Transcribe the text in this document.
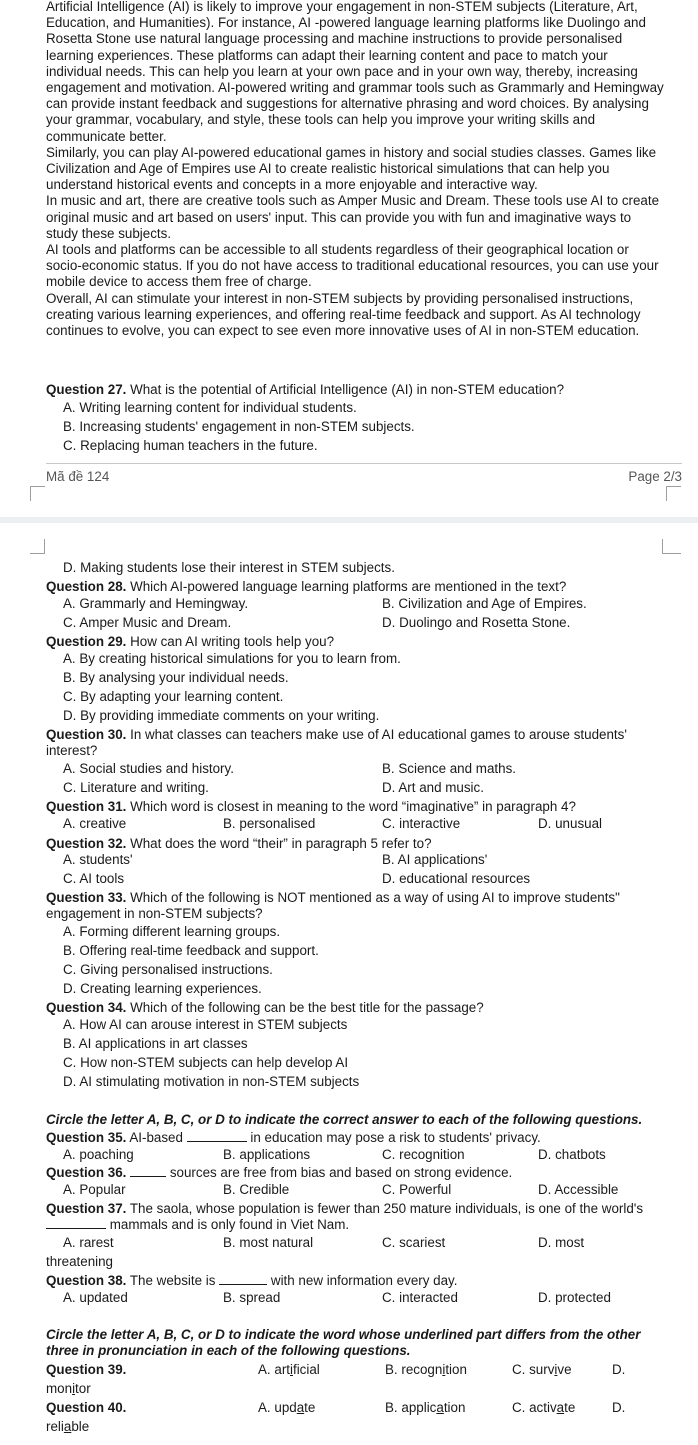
Artificial Intelligence (AI) is likely to improve your engagement in non-STEM subjects (Literature, Art, Education, and Humanities). For instance, AI -powered language learning platforms like Duolingo and Rosetta Stone use natural language processing and machine instructions to provide personalised learning experiences. These platforms can adapt their learning content and pace to match your individual needs. This can help you learn at your own pace and in your own way, thereby, increasing engagement and motivation. AI-powered writing and grammar tools such as Grammarly and Hemingway can provide instant feedback and suggestions for alternative phrasing and word choices. By analysing your grammar, vocabulary, and style, these tools can help you improve your writing skills and communicate better.

Similarly, you can play AI-powered educational games in history and social studies classes. Games like Civilization and Age of Empires use AI to create realistic historical simulations that can help you understand historical events and concepts in a more enjoyable and interactive way.

In music and art, there are creative tools such as Amper Music and Dream. These tools use AI to create original music and art based on users' input. This can provide you with fun and imaginative ways to study these subjects.

AI tools and platforms can be accessible to all students regardless of their geographical location or socio-economic status. If you do not have access to traditional educational resources, you can use your mobile device to access them free of charge.

Overall, AI can stimulate your interest in non-STEM subjects by providing personalised instructions, creating various learning experiences, and offering real-time feedback and support. As AI technology continues to evolve, you can expect to see even more innovative uses of AI in non-STEM education.

Question 27. What is the potential of Artificial Intelligence (AI) in non-STEM education?
A. Writing learning content for individual students.
B. Increasing students' engagement in non-STEM subjects.
C. Replacing human teachers in the future.
Mã đề 124	Page 2/3
D. Making students lose their interest in STEM subjects.
Question 28. Which AI-powered language learning platforms are mentioned in the text?
A. Grammarly and Hemingway.	B. Civilization and Age of Empires.
C. Amper Music and Dream.	D. Duolingo and Rosetta Stone.
Question 29. How can AI writing tools help you?
A. By creating historical simulations for you to learn from.
B. By analysing your individual needs.
C. By adapting your learning content.
D. By providing immediate comments on your writing.
Question 30. In what classes can teachers make use of AI educational games to arouse students' interest?
A. Social studies and history.	B. Science and maths.
C. Literature and writing.	D. Art and music.
Question 31. Which word is closest in meaning to the word “imaginative” in paragraph 4?
A. creative	B. personalised	C. interactive	D. unusual
Question 32. What does the word “their” in paragraph 5 refer to?
A. students'	B. AI applications'
C. AI tools	D. educational resources
Question 33. Which of the following is NOT mentioned as a way of using AI to improve students" engagement in non-STEM subjects?
A. Forming different learning groups.
B. Offering real-time feedback and support.
C. Giving personalised instructions.
D. Creating learning experiences.
Question 34. Which of the following can be the best title for the passage?
A. How AI can arouse interest in STEM subjects
B. AI applications in art classes
C. How non-STEM subjects can help develop AI
D. AI stimulating motivation in non-STEM subjects
Circle the letter A, B, C, or D to indicate the correct answer to each of the following questions.
Question 35. AI-based	in education may pose a risk to students' privacy.
A. poaching	B. applications	C. recognition	D. chatbots
Question 36.	sources are free from bias and based on strong evidence.
A. Popular	B. Credible	C. Powerful	D. Accessible
Question 37. The saola, whose population is fewer than 250 mature individuals, is one of the world's  mammals and is only found in Viet Nam.
A. rarest	B. most natural	C. scariest	D. most
threatening
Question 38. The website is	with new information every day.
A. updated	B. spread	C. interacted	D. protected
Circle the letter A, B, C, or D to indicate the word whose underlined part differs from the other three in pronunciation in each of the following questions.
Question 39.	A. artificial	B. recognition	C. survive	D.
monitor
Question 40.	A. update	B. application	C. activate	D.
reliable
